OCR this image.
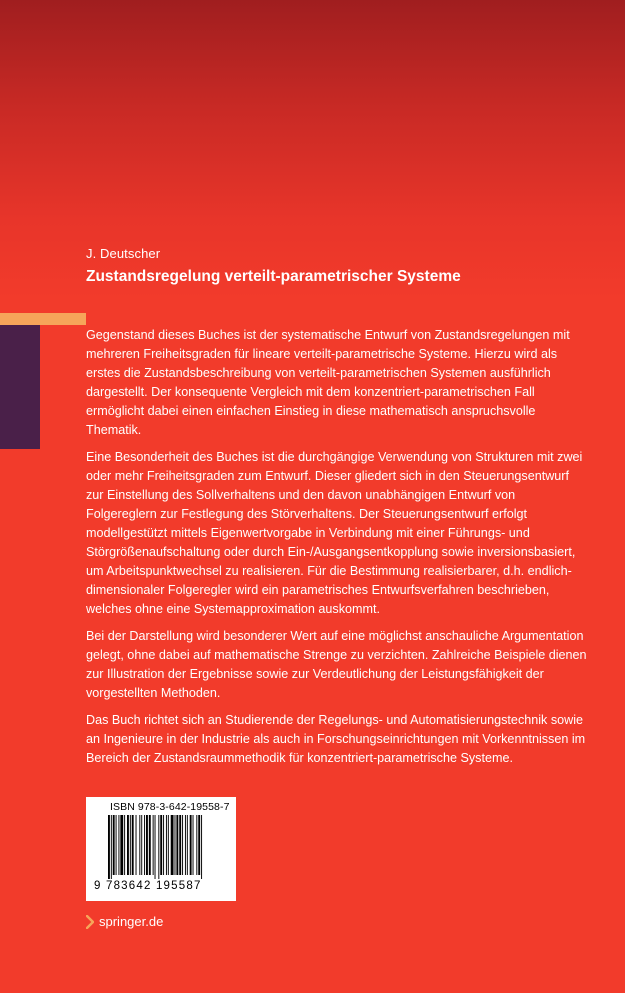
J. Deutscher
Zustandsregelung verteilt-parametrischer Systeme

Gegenstand dieses Buches ist der systematische Entwurf von Zustandsregelungen mit mehreren Freiheitsgraden für lineare verteilt-parametrische Systeme. Hierzu wird als erstes die Zustandsbeschreibung von verteilt-parametrischen Systemen ausführlich dargestellt. Der konsequente Vergleich mit dem konzentriert-parametrischen Fall ermöglicht dabei einen einfachen Einstieg in diese mathematisch anspruchsvolle Thematik.

Eine Besonderheit des Buches ist die durchgängige Verwendung von Strukturen mit zwei oder mehr Freiheitsgraden zum Entwurf. Dieser gliedert sich in den Steuerungsentwurf zur Einstellung des Sollverhaltens und den davon unabhängigen Entwurf von Folgereglern zur Festlegung des Störverhaltens. Der Steuerungsentwurf erfolgt modellgestützt mittels Eigenwertvorgabe in Verbindung mit einer Führungs- und Störgrößenaufschaltung oder durch Ein-/Ausgangsentkopplung sowie inversionsbasiert, um Arbeitspunktwechsel zu realisieren. Für die Bestimmung realisierbarer, d.h. endlich-dimensionaler Folgeregler wird ein parametrisches Entwurfsverfahren beschrieben, welches ohne eine Systemapproximation auskommt.

Bei der Darstellung wird besonderer Wert auf eine möglichst anschauliche Argumentation gelegt, ohne dabei auf mathematische Strenge zu verzichten. Zahlreiche Beispiele dienen zur Illustration der Ergebnisse sowie zur Verdeutlichung der Leistungsfähigkeit der vorgestellten Methoden.

Das Buch richtet sich an Studierende der Regelungs- und Automatisierungstechnik sowie an Ingenieure in der Industrie als auch in Forschungseinrichtungen mit Vorkenntnissen im Bereich der Zustandsraummethodik für konzentriert-parametrische Systeme.

ISBN 978-3-642-19558-7
9 783642 195587
springer.de
